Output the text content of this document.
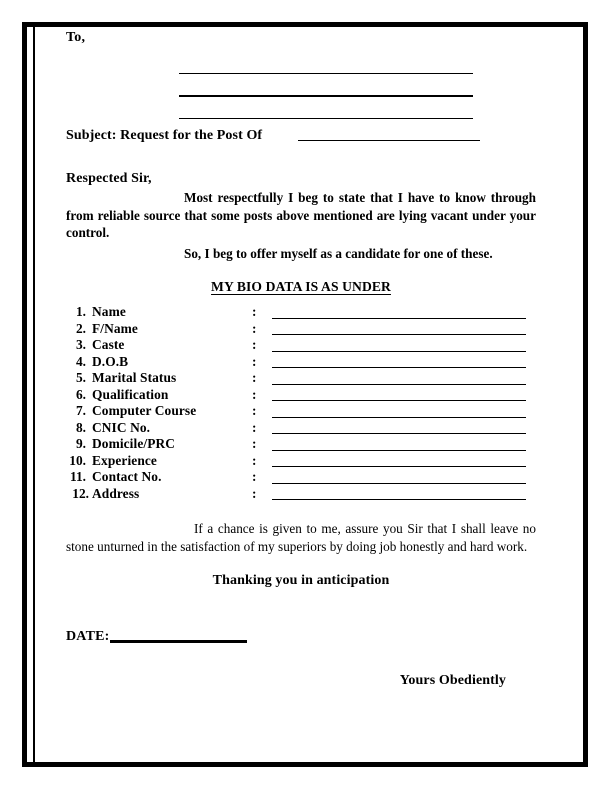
To,
Subject: Request for the Post Of
Respected Sir,
Most respectfully I beg to state that I have to know through from reliable source that some posts above mentioned are lying vacant under your control.
So, I beg to offer myself as a candidate for one of these.
MY BIO DATA IS AS UNDER
1. Name	:
2. F/Name	:
3. Caste	:
4. D.O.B	:
5. Marital Status	:
6. Qualification	:
7. Computer Course	:
8. CNIC No.	:
9. Domicile/PRC	:
10. Experience	:
11. Contact No.	:
12. Address	:
If a chance is given to me, assure you Sir that I shall leave no stone unturned in the satisfaction of my superiors by doing job honestly and hard work.
Thanking you in anticipation
DATE:
Yours Obediently
